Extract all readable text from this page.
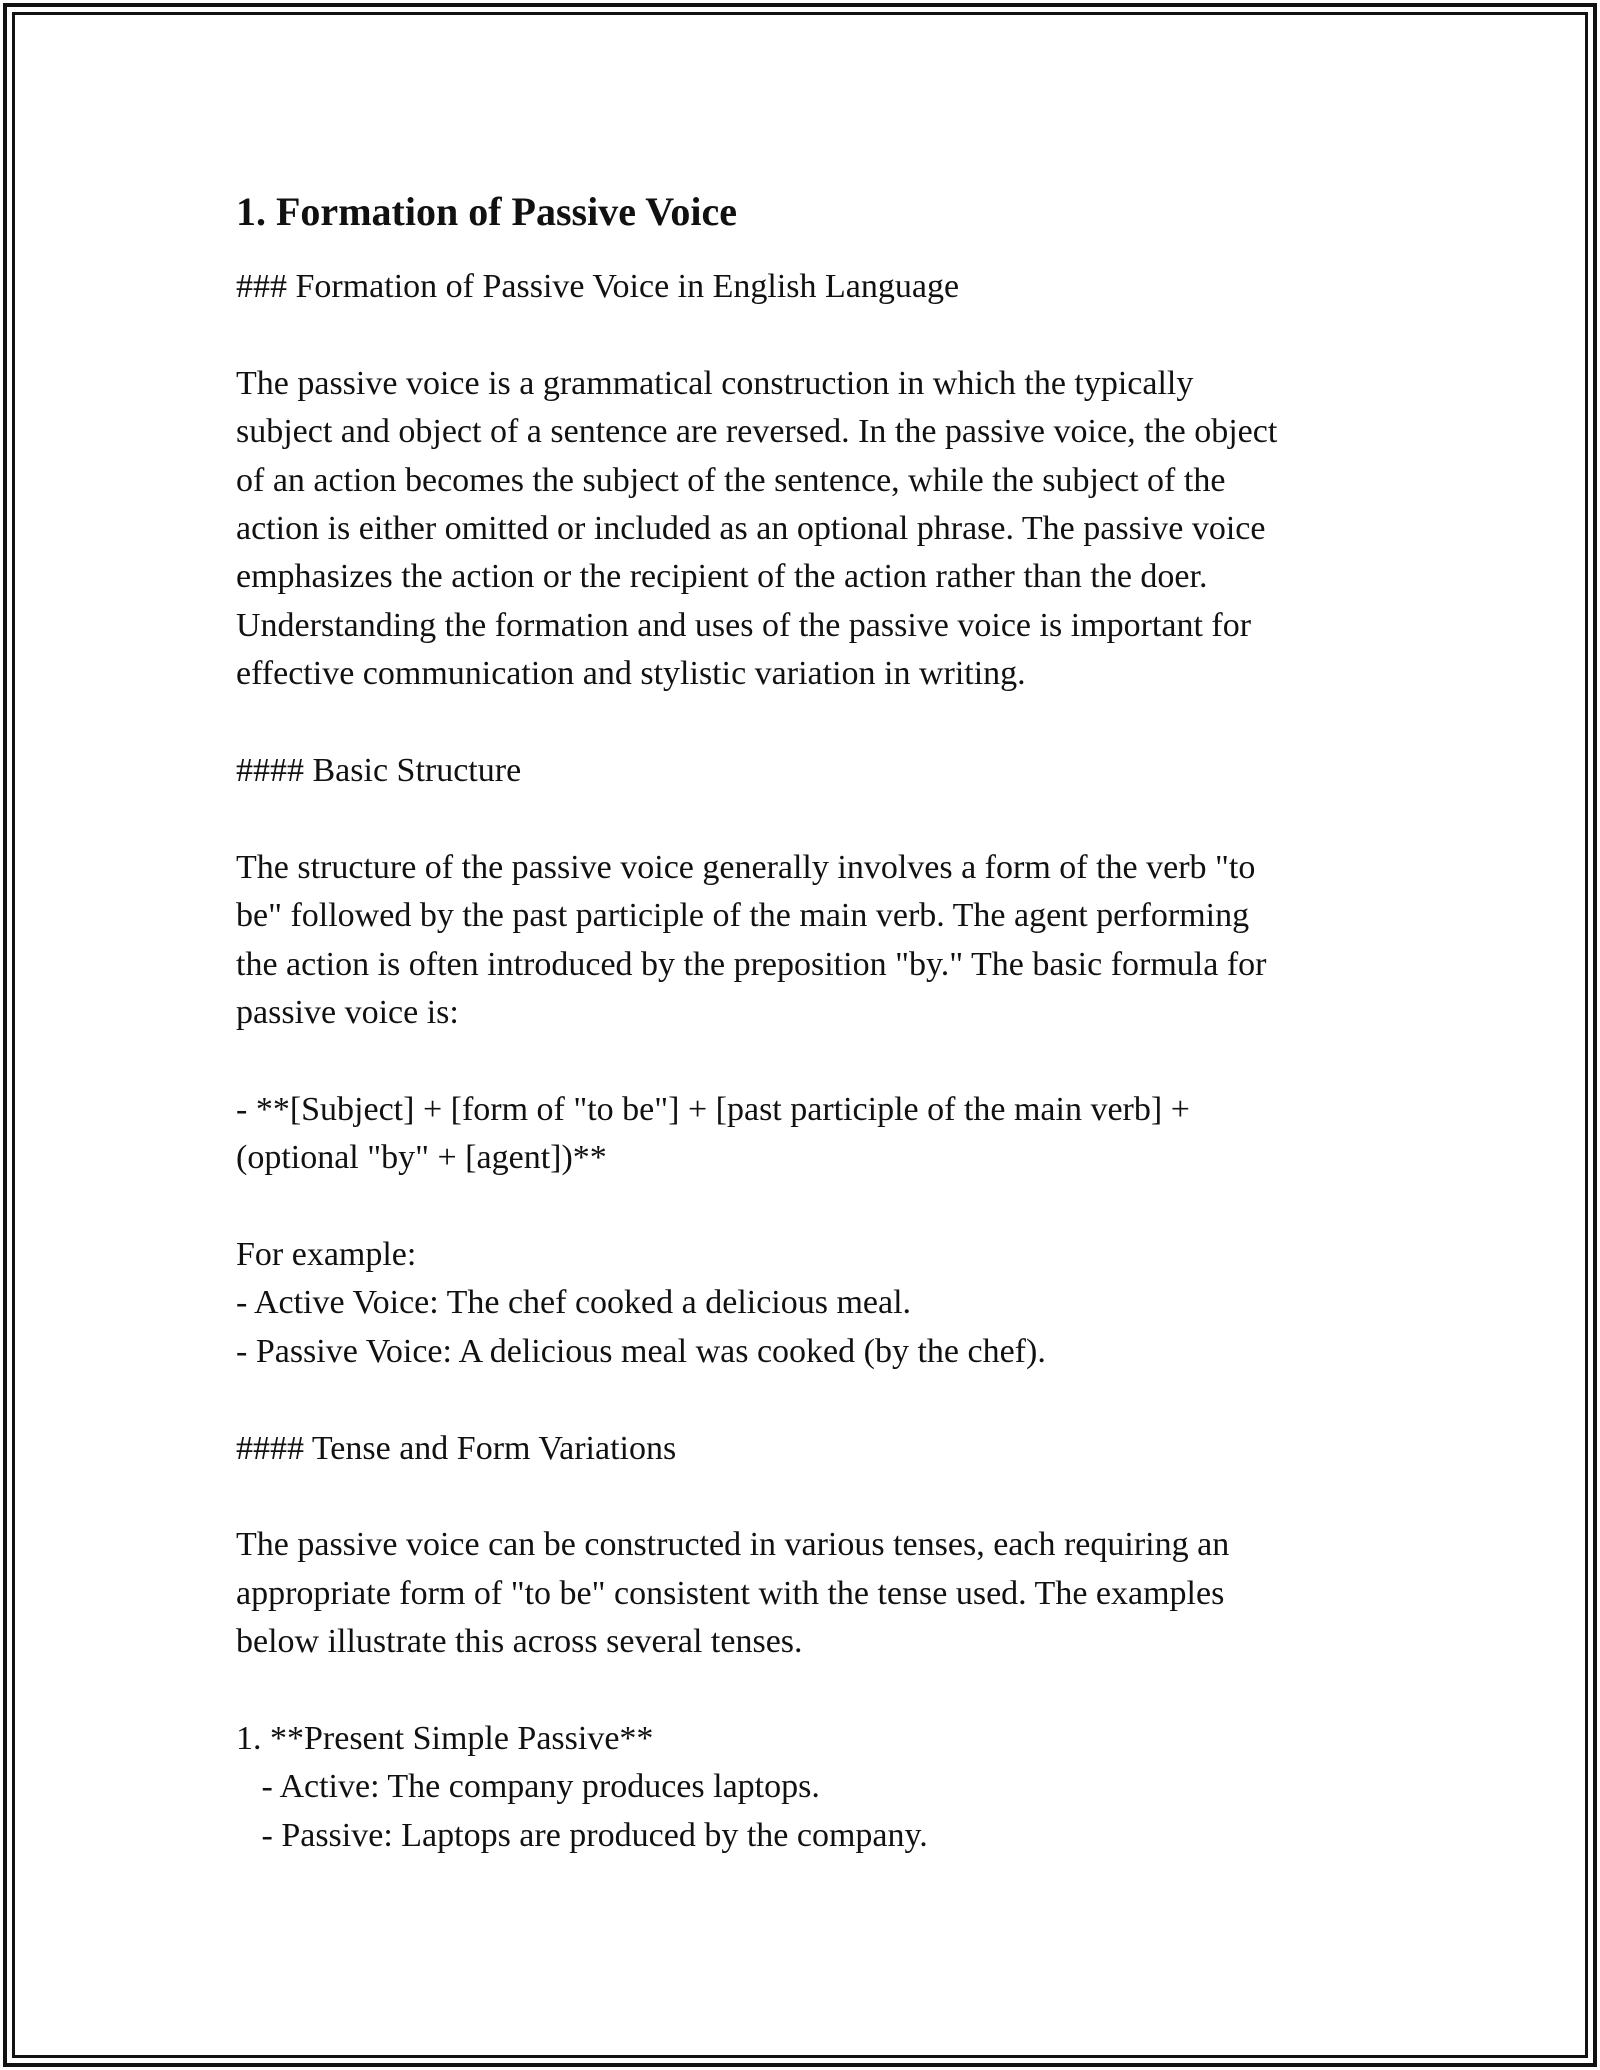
1. Formation of Passive Voice
### Formation of Passive Voice in English Language
The passive voice is a grammatical construction in which the typically
subject and object of a sentence are reversed. In the passive voice, the object
of an action becomes the subject of the sentence, while the subject of the
action is either omitted or included as an optional phrase. The passive voice
emphasizes the action or the recipient of the action rather than the doer.
Understanding the formation and uses of the passive voice is important for
effective communication and stylistic variation in writing.
#### Basic Structure
The structure of the passive voice generally involves a form of the verb "to
be" followed by the past participle of the main verb. The agent performing
the action is often introduced by the preposition "by." The basic formula for
passive voice is:
- **[Subject] + [form of "to be"] + [past participle of the main verb] +
(optional "by" + [agent])**
For example:
- Active Voice: The chef cooked a delicious meal.
- Passive Voice: A delicious meal was cooked (by the chef).
#### Tense and Form Variations
The passive voice can be constructed in various tenses, each requiring an
appropriate form of "to be" consistent with the tense used. The examples
below illustrate this across several tenses.
1. **Present Simple Passive**
- Active: The company produces laptops.
- Passive: Laptops are produced by the company.
